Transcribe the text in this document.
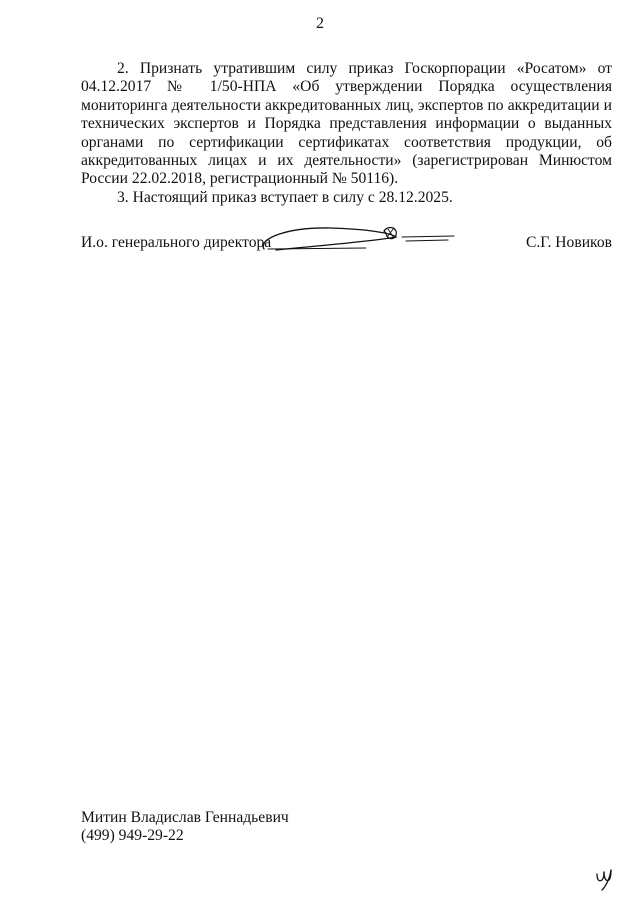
2

2. Признать утратившим силу приказ Госкорпорации «Росатом» от 04.12.2017 № 1/50-НПА «Об утверждении Порядка осуществления мониторинга деятельности аккредитованных лиц, экспертов по аккредитации и технических экспертов и Порядка представления информации о выданных органами по сертификации сертификатах соответствия продукции, об аккредитованных лицах и их деятельности» (зарегистрирован Минюстом России 22.02.2018, регистрационный № 50116).

3. Настоящий приказ вступает в силу с 28.12.2025.

И.о. генерального директора	С.Г. Новиков
Митин Владислав Геннадьевич
(499) 949-29-22
